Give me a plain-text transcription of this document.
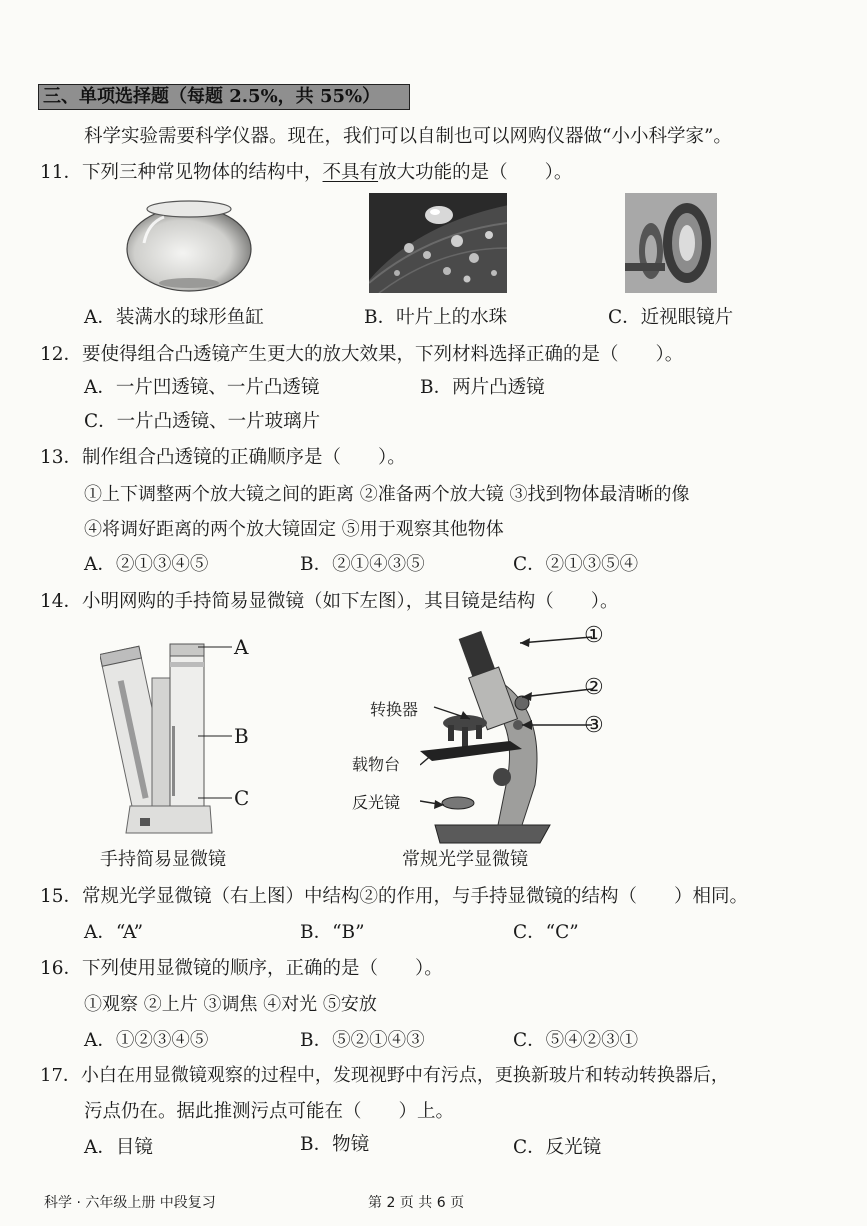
三、单项选择题（每题 2.5%，共 55%）
科学实验需要科学仪器。现在，我们可以自制也可以网购仪器做“小小科学家”。
11．下列三种常见物体的结构中，不具有放大功能的是（　　）。
A．装满水的球形鱼缸	B．叶片上的水珠	C．近视眼镜片
12．要使得组合凸透镜产生更大的放大效果，下列材料选择正确的是（　　）。
A．一片凹透镜、一片凸透镜	B．两片凸透镜
C．一片凸透镜、一片玻璃片
13．制作组合凸透镜的正确顺序是（　　）。
①上下调整两个放大镜之间的距离 ②准备两个放大镜 ③找到物体最清晰的像
④将调好距离的两个放大镜固定 ⑤用于观察其他物体
A．②①③④⑤	B．②①④③⑤	C．②①③⑤④
14．小明网购的手持简易显微镜（如下左图），其目镜是结构（　　）。
A
B
C
手持简易显微镜
①
②
③
转换器
载物台
反光镜
常规光学显微镜
15．常规光学显微镜（右上图）中结构②的作用，与手持显微镜的结构（　　）相同。
A．“A”	B．“B”	C．“C”
16．下列使用显微镜的顺序，正确的是（　　）。
①观察 ②上片 ③调焦 ④对光 ⑤安放
A．①②③④⑤	B．⑤②①④③	C．⑤④②③①
17．小白在用显微镜观察的过程中，发现视野中有污点，更换新玻片和转动转换器后，
污点仍在。据此推测污点可能在（　　）上。
A．目镜	B．物镜	C．反光镜
科学 · 六年级上册 中段复习	第 2 页 共 6 页
